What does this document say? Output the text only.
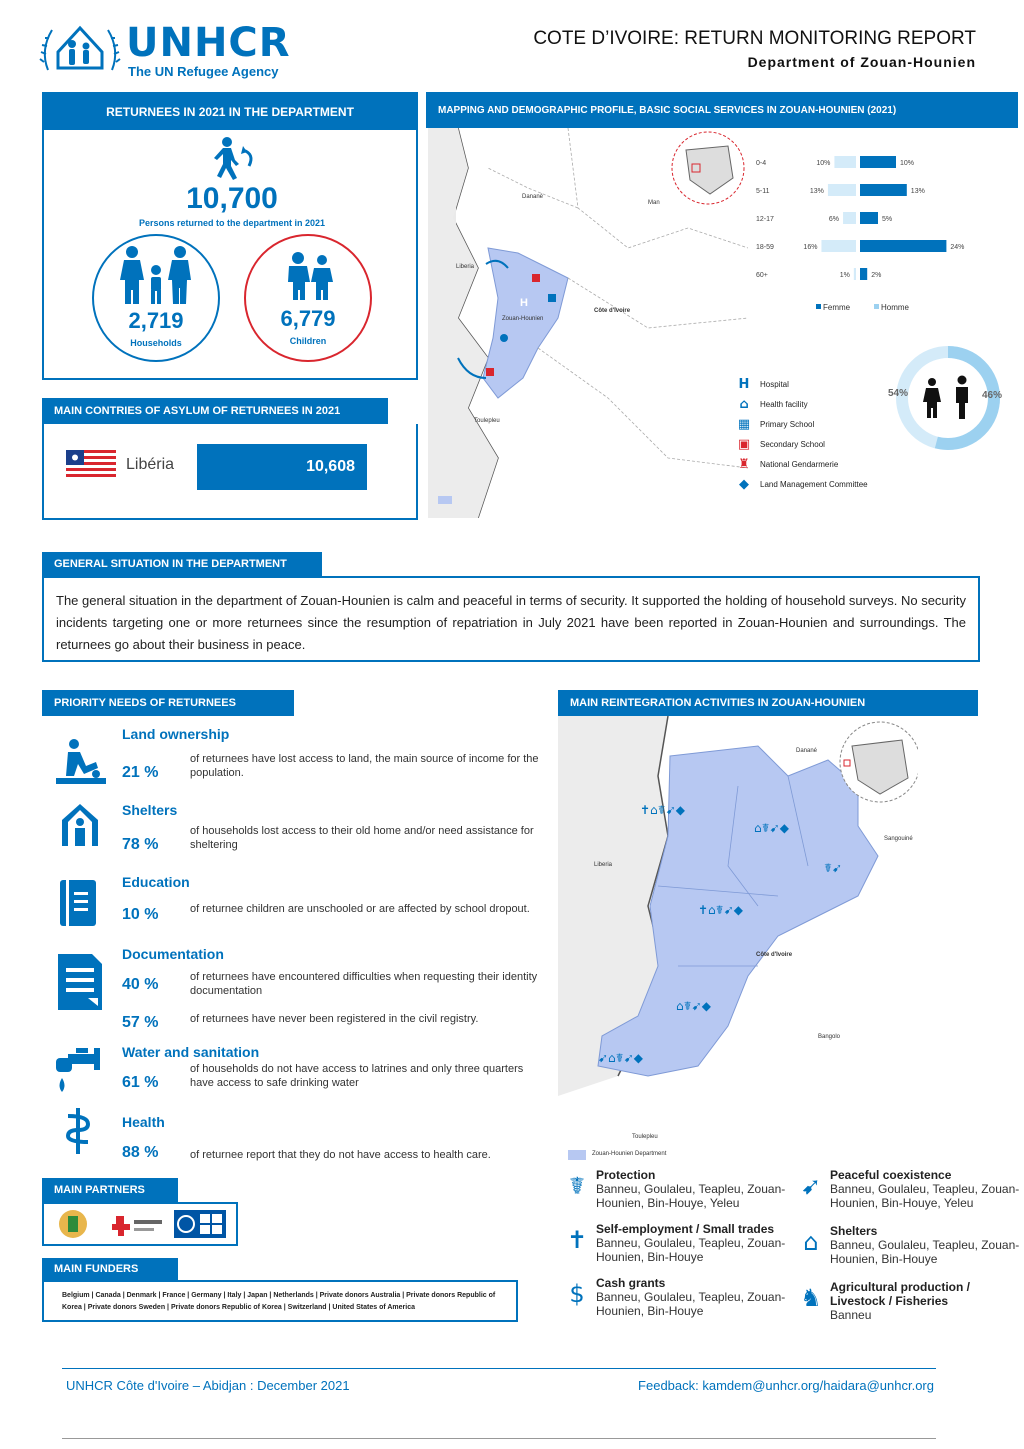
UNHCR
The UN Refugee Agency
COTE D’IVOIRE: RETURN MONITORING REPORT
Department of Zouan-Hounien
RETURNEES IN 2021 IN THE DEPARTMENT
10,700
Persons returned to the department in 2021
2,719
Households
6,779
Children
MAIN CONTRIES OF ASYLUM OF RETURNEES IN 2021
Libéria	10,608
MAPPING AND DEMOGRAPHIC PROFILE, BASIC SOCIAL SERVICES IN ZOUAN-HOUNIEN (2021)
H
Liberia
Côte d'Ivoire
Zouan-Hounien
Man
Danané
Toulepleu
0-4	10%	10%
5-11	13%	13%
12-17	6%	5%
18-59	16%	24%
60+	1%	2%
Femme	Homme
H	Hospital
⌂	Health facility
▦	Primary School
▣	Secondary School
♜	National Gendarmerie
◆	Land Management Committee
54%	46%
GENERAL SITUATION IN THE DEPARTMENT
The general situation in the department of Zouan-Hounien is calm and peaceful in terms of security. It supported the holding of household surveys. No security incidents targeting one or more returnees since the resumption of repatriation in July 2021 have been reported in Zouan-Hounien and surroundings. The returnees go about their business in peace.
PRIORITY NEEDS OF RETURNEES
Land ownership
21 %
of returnees have lost access to land, the main source of income for the population.
Shelters
78 %
of households lost access to their old home and/or need assistance for sheltering
Education
10 %	of returnee children are unschooled or are affected by school dropout.
Documentation
40 %	of returnees have encountered difficulties when requesting their identity documentation
57 %	of returnees have never been registered in the civil registry.
Water and sanitation
61 %
of households do not have access to latrines and only three quarters have access to safe drinking water
Health
88 %	of returnee report that they do not have access to health care.
MAIN PARTNERS
MAIN FUNDERS
Belgium | Canada | Denmark | France | Germany | Italy | Japan | Netherlands | Private donors Australia | Private donors Republic of Korea | Private donors Sweden | Private donors Republic of Korea | Switzerland | United States of America
MAIN REINTEGRATION ACTIVITIES IN ZOUAN-HOUNIEN
✝⌂☤➹◆
⌂☤➹◆
☤➹
✝⌂☤➹◆
⌂☤➹◆
➹⌂☤➹◆
Liberia
Côte d'Ivoire
Danané
Sangouiné
Bangolo
Toulepleu
Zouan-Hounien Department
☤ Protection
Banneu, Goulaleu, Teapleu, Zouan-Hounien, Bin-Houye, Yeleu
➹ Peaceful coexistence
Banneu, Goulaleu, Teapleu, Zouan-Hounien, Bin-Houye, Yeleu
✝ Self-employment / Small trades
Banneu, Goulaleu, Teapleu, Zouan-Hounien, Bin-Houye
⌂ Shelters
Banneu, Goulaleu, Teapleu, Zouan-Hounien, Bin-Houye
$ Cash grants
Banneu, Goulaleu, Teapleu, Zouan-Hounien, Bin-Houye	♞ Agricultural production / Livestock / Fisheries
Banneu
UNHCR Côte d'Ivoire – Abidjan : December 2021	Feedback: kamdem@unhcr.org/haidara@unhcr.org
